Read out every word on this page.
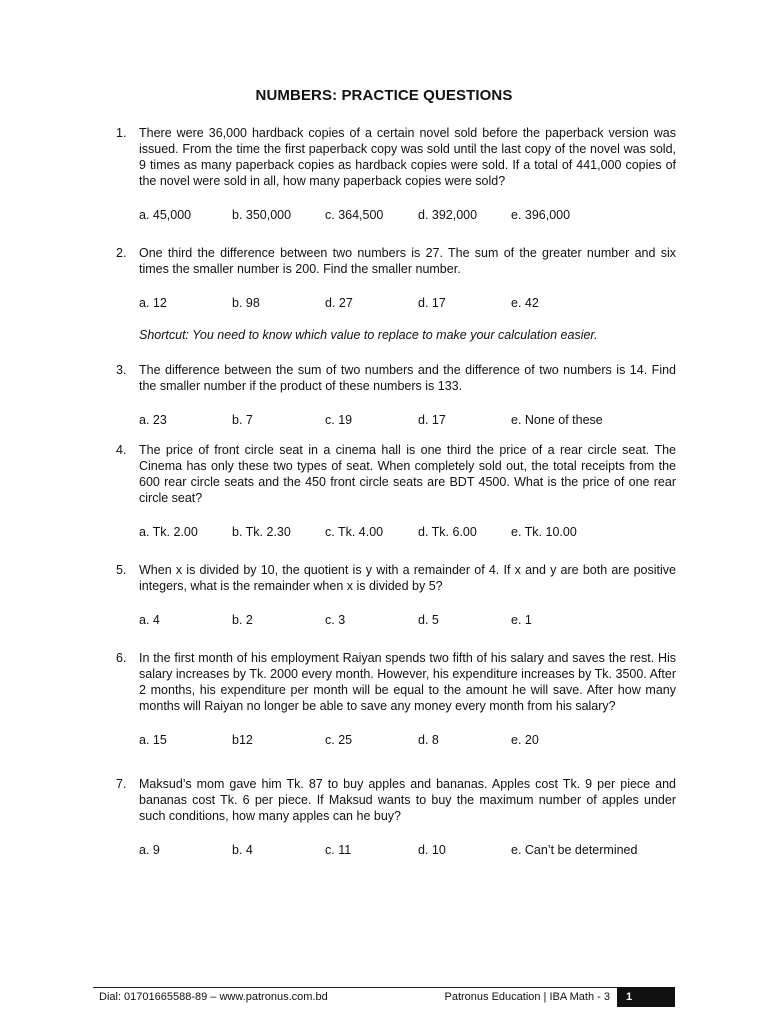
NUMBERS: PRACTICE QUESTIONS
1. There were 36,000 hardback copies of a certain novel sold before the paperback version was issued. From the time the first paperback copy was sold until the last copy of the novel was sold, 9 times as many paperback copies as hardback copies were sold. If a total of 441,000 copies of the novel were sold in all, how many paperback copies were sold?
a. 45,000	b. 350,000	c. 364,500	d. 392,000	e. 396,000
2. One third the difference between two numbers is 27. The sum of the greater number and six times the smaller number is 200. Find the smaller number.
a. 12	b. 98	d. 27	d. 17	e. 42
Shortcut: You need to know which value to replace to make your calculation easier.
3. The difference between the sum of two numbers and the difference of two numbers is 14. Find the smaller number if the product of these numbers is 133.
a. 23	b. 7	c. 19	d. 17	e. None of these
4. The price of front circle seat in a cinema hall is one third the price of a rear circle seat. The Cinema has only these two types of seat. When completely sold out, the total receipts from the 600 rear circle seats and the 450 front circle seats are BDT 4500. What is the price of one rear circle seat?
a. Tk. 2.00	b. Tk. 2.30	c. Tk. 4.00	d. Tk. 6.00	e. Tk. 10.00
5. When x is divided by 10, the quotient is y with a remainder of 4. If x and y are both are positive integers, what is the remainder when x is divided by 5?
a. 4	b. 2	c. 3	d. 5	e. 1
6. In the first month of his employment Raiyan spends two fifth of his salary and saves the rest. His salary increases by Tk. 2000 every month. However, his expenditure increases by Tk. 3500. After 2 months, his expenditure per month will be equal to the amount he will save. After how many months will Raiyan no longer be able to save any money every month from his salary?
a. 15	b12	c. 25	d. 8	e. 20
7. Maksud’s mom gave him Tk. 87 to buy apples and bananas. Apples cost Tk. 9 per piece and bananas cost Tk. 6 per piece. If Maksud wants to buy the maximum number of apples under such conditions, how many apples can he buy?
a. 9	b. 4	c. 11	d. 10	e. Can’t be determined
Dial: 01701665588-89 – www.patronus.com.bd	Patronus Education | IBA Math - 3	1
